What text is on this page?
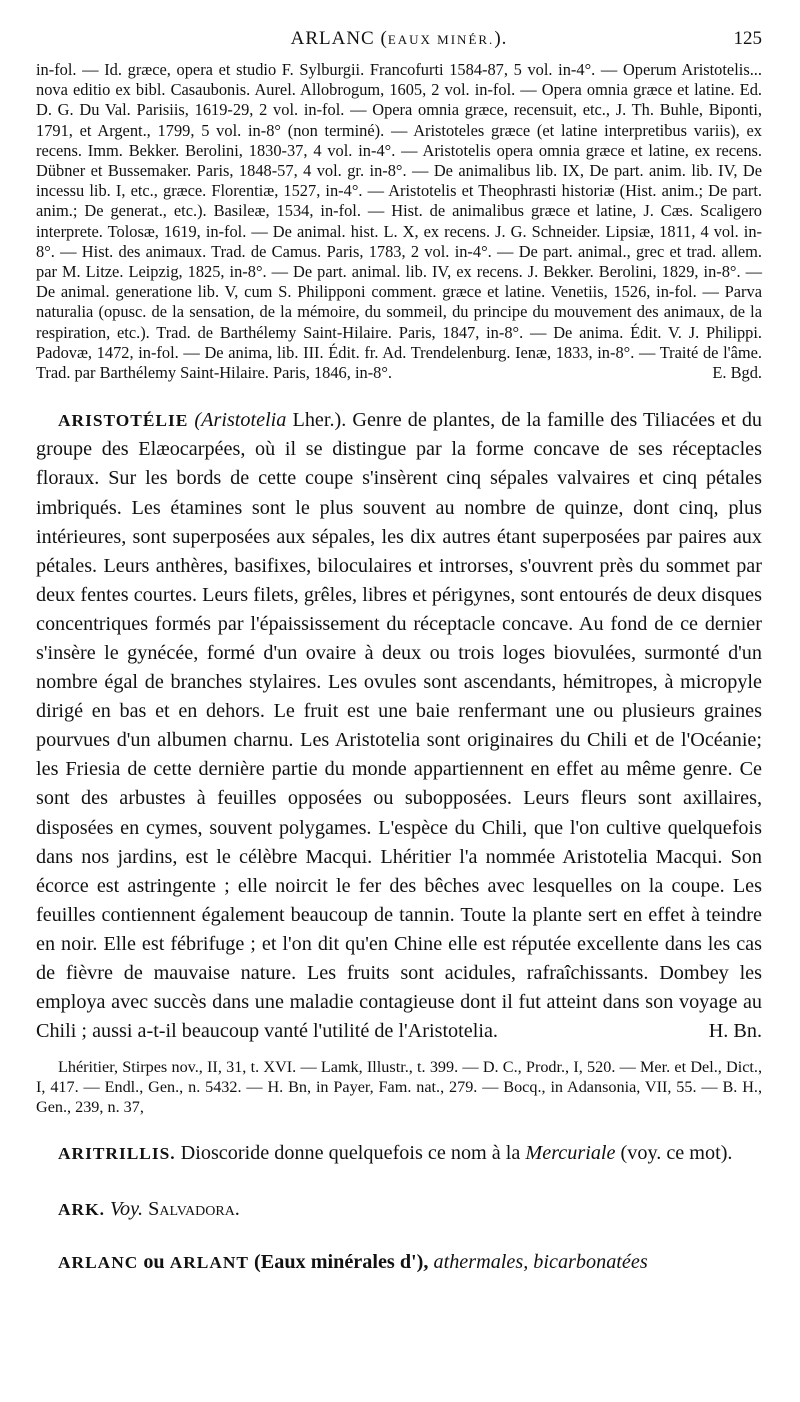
ARLANC (EAUX MINÉR.).	125

in-fol. — Id. græce, opera et studio F. Sylburgii. Francofurti 1584-87, 5 vol. in-4°. — Operum Aristotelis... nova editio ex bibl. Casaubonis. Aurel. Allobrogum, 1605, 2 vol. in-fol. — Opera omnia græce et latine. Ed. D. G. Du Val. Parisiis, 1619-29, 2 vol. in-fol. — Opera omnia græce, recensuit, etc., J. Th. Buhle, Biponti, 1791, et Argent., 1799, 5 vol. in-8° (non terminé). — Aristoteles græce (et latine interpretibus variis), ex recens. Imm. Bekker. Berolini, 1830-37, 4 vol. in-4°. — Aristotelis opera omnia græce et latine, ex recens. Dübner et Bussemaker. Paris, 1848-57, 4 vol. gr. in-8°. — De animalibus lib. IX, De part. anim. lib. IV, De incessu lib. I, etc., græce. Florentiæ, 1527, in-4°. — Aristotelis et Theophrasti historiæ (Hist. anim.; De part. anim.; De generat., etc.). Basileæ, 1534, in-fol. — Hist. de animalibus græce et latine, J. Cæs. Scaligero interprete. Tolosæ, 1619, in-fol. — De animal. hist. L. X, ex recens. J. G. Schneider. Lipsiæ, 1811, 4 vol. in-8°. — Hist. des animaux. Trad. de Camus. Paris, 1783, 2 vol. in-4°. — De part. animal., grec et trad. allem. par M. Litze. Leipzig, 1825, in-8°. — De part. animal. lib. IV, ex recens. J. Bekker. Berolini, 1829, in-8°. — De animal. generatione lib. V, cum S. Philipponi comment. græce et latine. Venetiis, 1526, in-fol. — Parva naturalia (opusc. de la sensation, de la mémoire, du sommeil, du principe du mouvement des animaux, de la respiration, etc.). Trad. de Barthélemy Saint-Hilaire. Paris, 1847, in-8°. — De anima. Édit. V. J. Philippi. Padovæ, 1472, in-fol. — De anima, lib. III. Édit. fr. Ad. Trendelenburg. Ienæ, 1833, in-8°. — Traité de l'âme. Trad. par Barthélemy Saint-Hilaire. Paris, 1846, in-8°.	E. Bgd.

ARISTOTÉLIE (Aristotelia Lher.). Genre de plantes, de la famille des Tiliacées et du groupe des Elæocarpées, où il se distingue par la forme concave de ses réceptacles floraux. Sur les bords de cette coupe s'insèrent cinq sépales valvaires et cinq pétales imbriqués. Les étamines sont le plus souvent au nombre de quinze, dont cinq, plus intérieures, sont superposées aux sépales, les dix autres étant superposées par paires aux pétales. Leurs anthères, basifixes, biloculaires et introrses, s'ouvrent près du sommet par deux fentes courtes. Leurs filets, grêles, libres et périgynes, sont entourés de deux disques concentriques formés par l'épaississement du réceptacle concave. Au fond de ce dernier s'insère le gynécée, formé d'un ovaire à deux ou trois loges biovulées, surmonté d'un nombre égal de branches stylaires. Les ovules sont ascendants, hémitropes, à micropyle dirigé en bas et en dehors. Le fruit est une baie renfermant une ou plusieurs graines pourvues d'un albumen charnu. Les Aristotelia sont originaires du Chili et de l'Océanie; les Friesia de cette dernière partie du monde appartiennent en effet au même genre. Ce sont des arbustes à feuilles opposées ou subopposées. Leurs fleurs sont axillaires, disposées en cymes, souvent polygames. L'espèce du Chili, que l'on cultive quelquefois dans nos jardins, est le célèbre Macqui. Lhéritier l'a nommée Aristotelia Macqui. Son écorce est astringente ; elle noircit le fer des bêches avec lesquelles on la coupe. Les feuilles contiennent également beaucoup de tannin. Toute la plante sert en effet à teindre en noir. Elle est fébrifuge ; et l'on dit qu'en Chine elle est réputée excellente dans les cas de fièvre de mauvaise nature. Les fruits sont acidules, rafraîchissants. Dombey les employa avec succès dans une maladie contagieuse dont il fut atteint dans son voyage au Chili ; aussi a-t-il beaucoup vanté l'utilité de l'Aristotelia.	H. Bn.

Lhéritier, Stirpes nov., II, 31, t. XVI. — Lamk, Illustr., t. 399. — D. C., Prodr., I, 520. — Mer. et Del., Dict., I, 417. — Endl., Gen., n. 5432. — H. Bn, in Payer, Fam. nat., 279. — Bocq., in Adansonia, VII, 55. — B. H., Gen., 239, n. 37,

ARITRILLIS. Dioscoride donne quelquefois ce nom à la Mercuriale (voy. ce mot).

ARK. Voy. Salvadora.

ARLANC ou ARLANT (Eaux minérales d'), athermales, bicarbonatées
